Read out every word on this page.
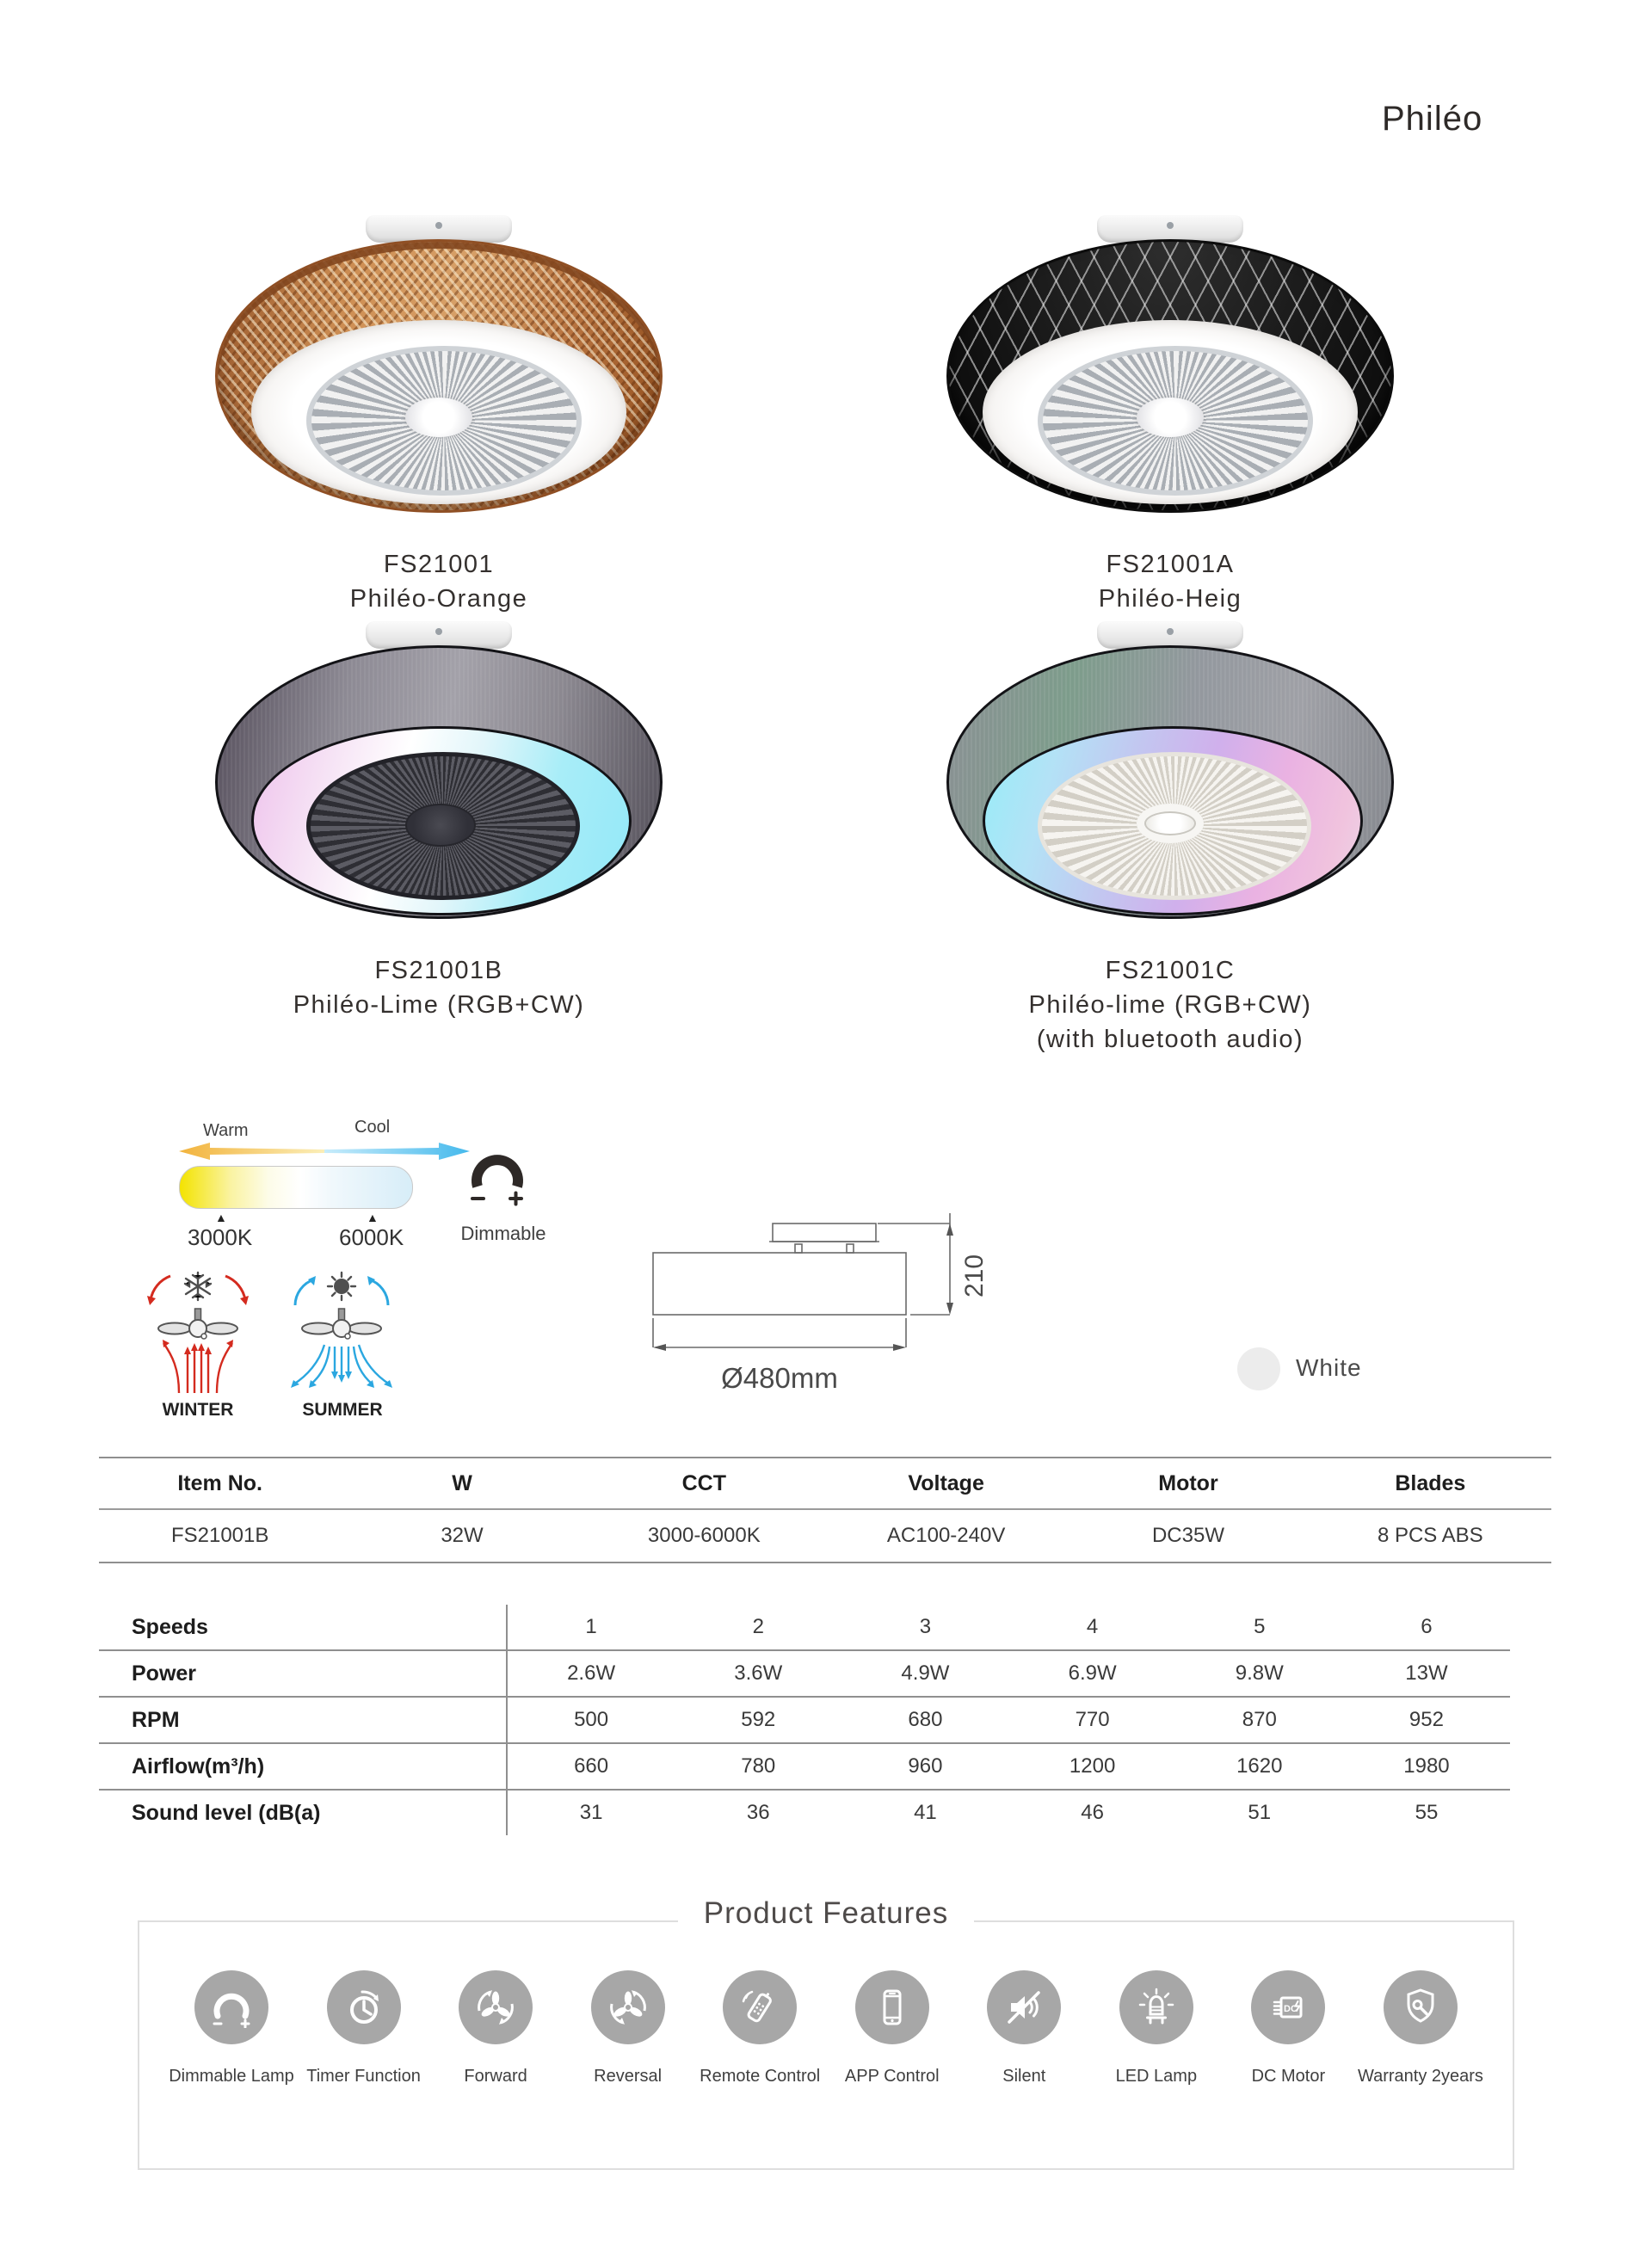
Philéo
FS21001
Philéo-Orange
FS21001A
Philéo-Heig
FS21001B
Philéo-Lime (RGB+CW)
FS21001C
Philéo-lime (RGB+CW)
(with bluetooth audio)
Warm	Cool
▲	▲
3000K	6000K	Dimmable
WINTER	SUMMER
210
Ø480mm	White
Item No.	W	CCT	Voltage	Motor	Blades
FS21001B	32W	3000-6000K	AC100-240V	DC35W	8 PCS ABS
Speeds	1	2	3	4	5	6
Power	2.6W	3.6W	4.9W	6.9W	9.8W	13W
RPM	500	592	680	770	870	952
Airflow(m³/h)	660	780	960	1200	1620	1980
Sound level (dB(a)	31	36	41	46	51	55
Product Features
Dimmable Lamp Timer Function	Forward	Reversal	Remote Control	APP Control	Silent	LED Lamp
DC
DC Motor	Warranty 2years
